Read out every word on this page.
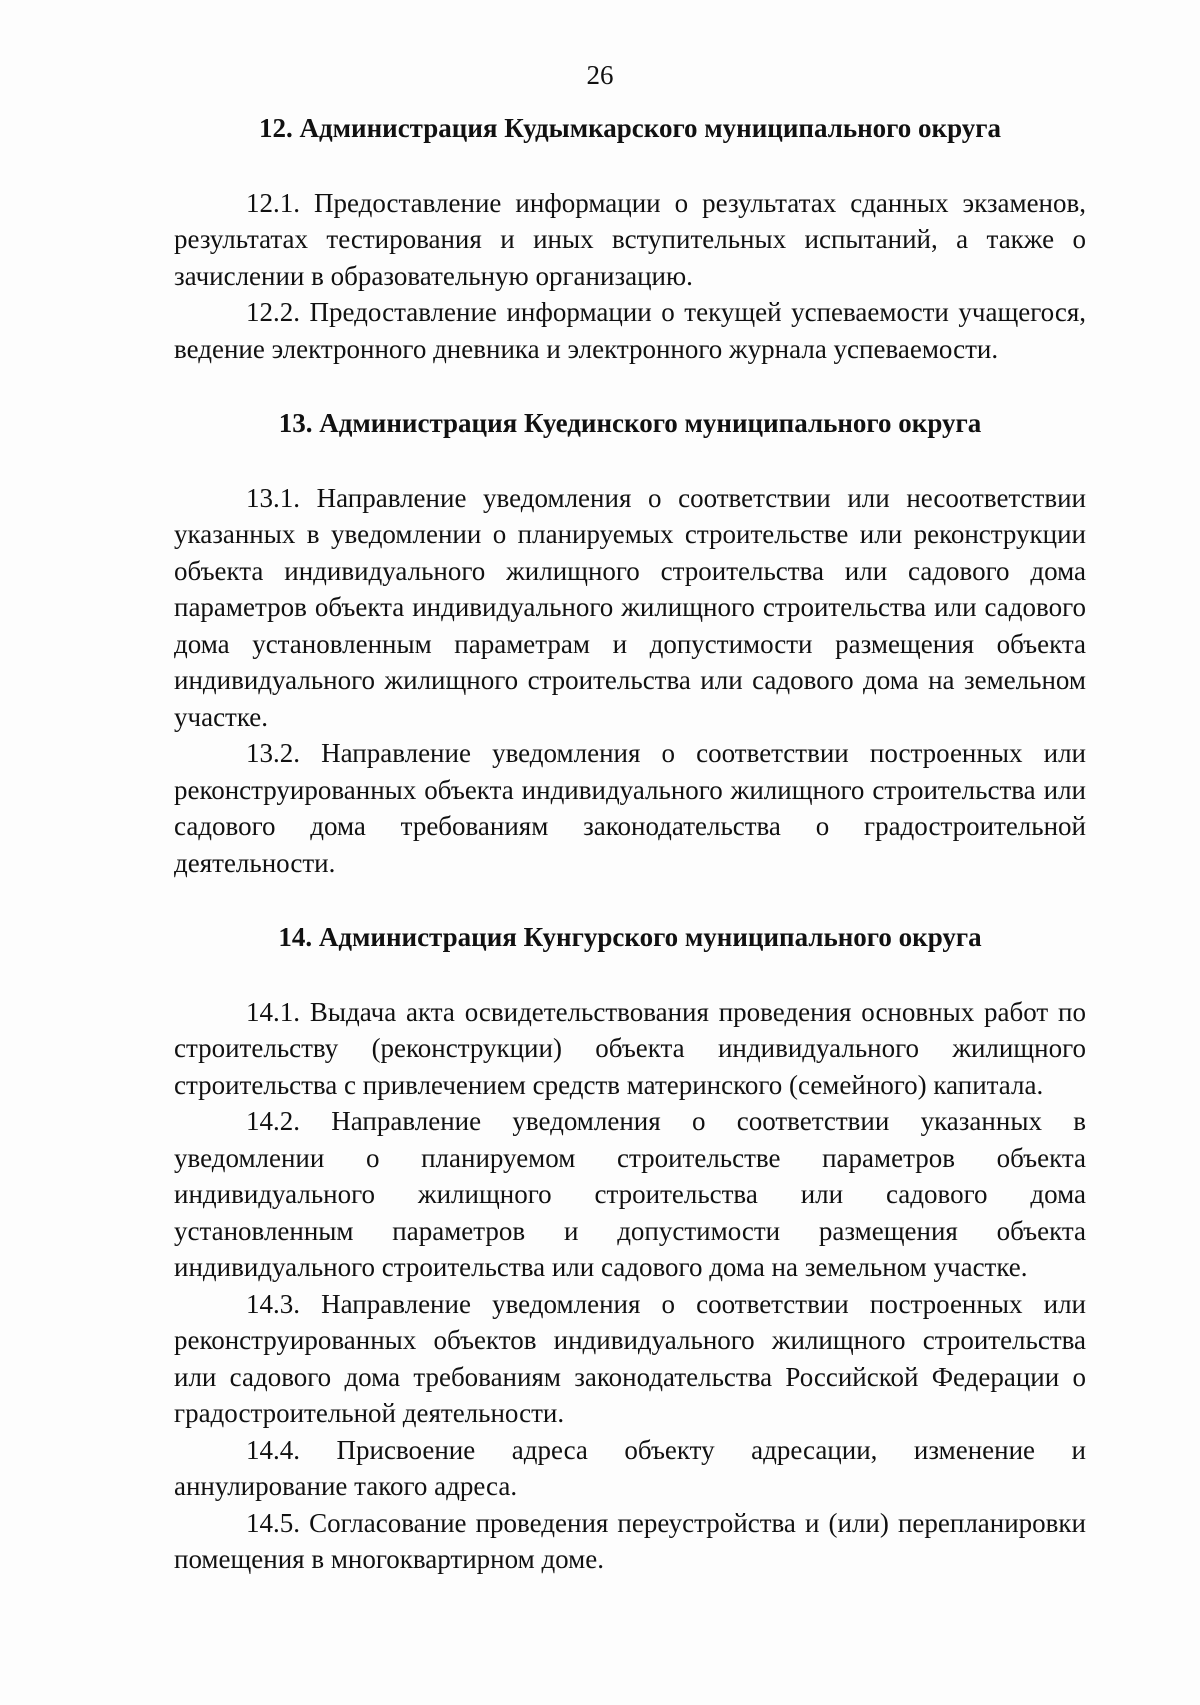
26

12. Администрация Кудымкарского муниципального округа

12.1. Предоставление информации о результатах сданных экзаменов, результатах тестирования и иных вступительных испытаний, а также о зачислении в образовательную организацию.

12.2. Предоставление информации о текущей успеваемости учащегося, ведение электронного дневника и электронного журнала успеваемости.

13. Администрация Куединского муниципального округа

13.1. Направление уведомления о соответствии или несоответствии указанных в уведомлении о планируемых строительстве или реконструкции объекта индивидуального жилищного строительства или садового дома параметров объекта индивидуального жилищного строительства или садового дома установленным параметрам и допустимости размещения объекта индивидуального жилищного строительства или садового дома на земельном участке.

13.2. Направление уведомления о соответствии построенных или реконструированных объекта индивидуального жилищного строительства или садового дома требованиям законодательства о градостроительной деятельности.

14. Администрация Кунгурского муниципального округа

14.1. Выдача акта освидетельствования проведения основных работ по строительству (реконструкции) объекта индивидуального жилищного строительства с привлечением средств материнского (семейного) капитала.

14.2. Направление уведомления о соответствии указанных в уведомлении о планируемом строительстве параметров объекта индивидуального жилищного строительства или садового дома установленным параметров и допустимости размещения объекта индивидуального строительства или садового дома на земельном участке.

14.3. Направление уведомления о соответствии построенных или реконструированных объектов индивидуального жилищного строительства или садового дома требованиям законодательства Российской Федерации о градостроительной деятельности.

14.4. Присвоение адреса объекту адресации, изменение и аннулирование такого адреса.

14.5. Согласование проведения переустройства и (или) перепланировки помещения в многоквартирном доме.
